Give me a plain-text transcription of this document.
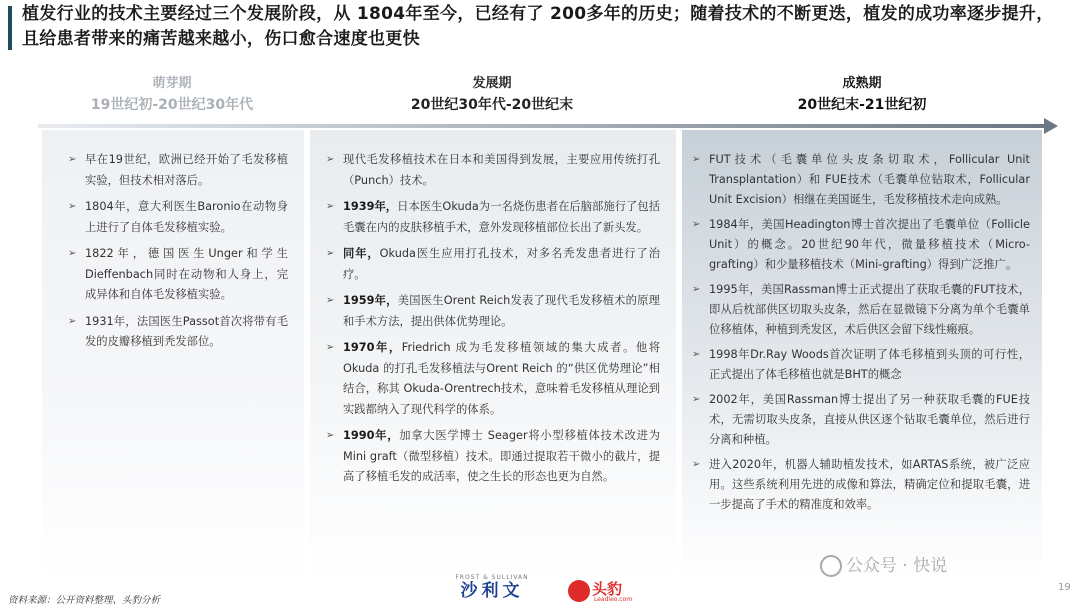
植发行业的技术主要经过三个发展阶段，从 1804年至今，已经有了 200多年的历史；随着技术的不断更迭，植发的成功率逐步提升，且给患者带来的痛苦越来越小，伤口愈合速度也更快
萌芽期
19世纪初-20世纪30年代
发展期
20世纪30年代-20世纪末
成熟期
20世纪末-21世纪初
➢ 早在19世纪，欧洲已经开始了毛发移植实验，但技术相对落后。
➢ 1804年，意大利医生Baronio在动物身上进行了自体毛发移植实验。
➢ 1822年，德国医生Unger和学生 Dieffenbach同时在动物和人身上，完成异体和自体毛发移植实验。
➢ 1931年，法国医生Passot首次将带有毛发的皮瓣移植到秃发部位。
➢ 现代毛发移植技术在日本和美国得到发展，主要应用传统打孔（Punch）技术。
➢ 1939年，日本医生Okuda为一名烧伤患者在后脑部施行了包括毛囊在内的皮肤移植手术，意外发现移植部位长出了新头发。
➢ 同年，Okuda医生应用打孔技术，对多名秃发患者进行了治疗。
➢ 1959年，美国医生Orent Reich发表了现代毛发移植术的原理和手术方法，提出供体优势理论。
➢ 1970年，Friedrich 成为毛发移植领域的集大成者。他将 Okuda 的打孔毛发移植法与Orent Reich 的“供区优势理论”相结合，称其 Okuda-Orentrech技术，意味着毛发移植从理论到实践都纳入了现代科学的体系。
➢ 1990年，加拿大医学博士 Seager将小型移植体技术改进为 Mini graft（微型移植）技术。即通过提取若干微小的截片，提高了移植毛发的成活率，使之生长的形态也更为自然。
➢ FUT技术（毛囊单位头皮条切取术，Follicular Unit Transplantation）和 FUE技术（毛囊单位钻取术，Follicular Unit Excision）相继在美国诞生，毛发移植技术走向成熟。
➢ 1984年，美国Headington博士首次提出了毛囊单位（Follicle Unit）的概念。20世纪90年代，微量移植技术（Micro-grafting）和少量移植技术（Mini-grafting）得到广泛推广。
➢ 1995年，美国Rassman博士正式提出了获取毛囊的FUT技术，即从后枕部供区切取头皮条，然后在显微镜下分离为单个毛囊单位移植体，种植到秃发区，术后供区会留下线性瘢痕。
➢ 1998年Dr.Ray Woods首次证明了体毛移植到头顶的可行性，正式提出了体毛移植也就是BHT的概念
➢ 2002年，美国Rassman博士提出了另一种获取毛囊的FUE技术，无需切取头皮条，直接从供区逐个钻取毛囊单位，然后进行分离和种植。
➢ 进入2020年，机器人辅助植发技术，如ARTAS系统，被广泛应用。这些系统利用先进的成像和算法，精确定位和提取毛囊，进一步提高了手术的精准度和效率。
资料来源：公开资料整理、头豹分析
FROST & SULLIVAN
沙利文	头豹
Leadleo.com
公众号 · 快说
19
